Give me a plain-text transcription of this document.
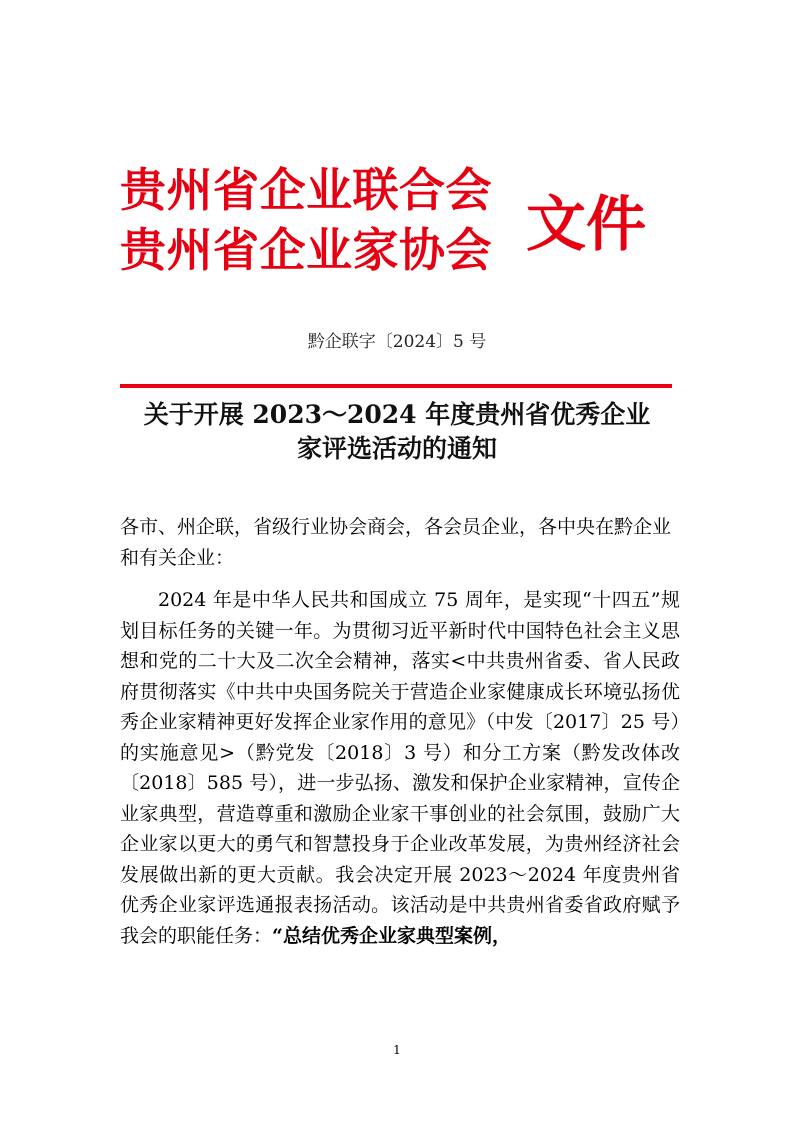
贵州省企业联合会
贵州省企业家协会 文件
黔企联字〔2024〕5 号
关于开展 2023～2024 年度贵州省优秀企业
家评选活动的通知
各市、州企联，省级行业协会商会，各会员企业，各中央在黔企业和有关企业：
2024 年是中华人民共和国成立 75 周年，是实现“十四五”规划目标任务的关键一年。为贯彻习近平新时代中国特色社会主义思想和党的二十大及二次全会精神，落实<中共贵州省委、省人民政府贯彻落实《中共中央国务院关于营造企业家健康成长环境弘扬优秀企业家精神更好发挥企业家作用的意见》（中发〔2017〕25 号）的实施意见>（黔党发〔2018〕3 号）和分工方案（黔发改体改〔2018〕585 号），进一步弘扬、激发和保护企业家精神，宣传企业家典型，营造尊重和激励企业家干事创业的社会氛围，鼓励广大企业家以更大的勇气和智慧投身于企业改革发展，为贵州经济社会发展做出新的更大贡献。我会决定开展 2023～2024 年度贵州省优秀企业家评选通报表扬活动。该活动是中共贵州省委省政府赋予我会的职能任务：“总结优秀企业家典型案例，
1
